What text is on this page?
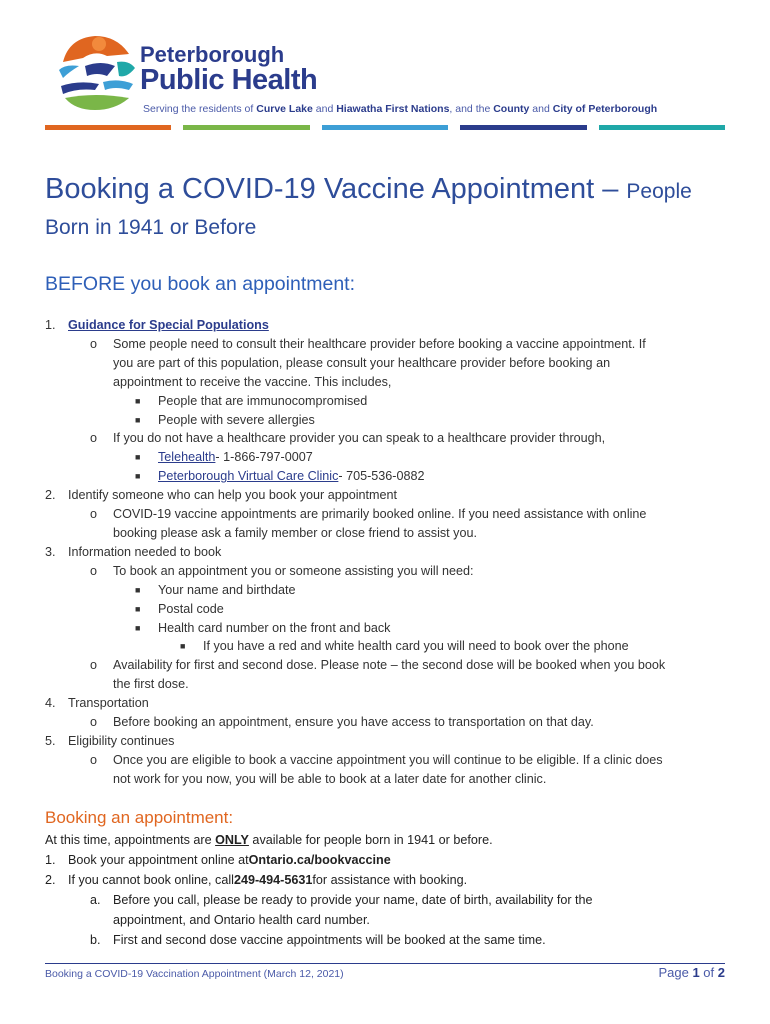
Peterborough
Public Health
Serving the residents of Curve Lake and Hiawatha First Nations, and the County and City of Peterborough
Booking a COVID-19 Vaccine Appointment – People
Born in 1941 or Before
BEFORE you book an appointment:
1. Guidance for Special Populations
o	Some people need to consult their healthcare provider before booking a vaccine appointment. If
you are part of this population, please consult your healthcare provider before booking an
appointment to receive the vaccine. This includes,
■	People that are immunocompromised
■	People with severe allergies
o	If you do not have a healthcare provider you can speak to a healthcare provider through,
■	Telehealth - 1-866-797-0007
■	Peterborough Virtual Care Clinic - 705-536-0882
2. Identify someone who can help you book your appointment
o	COVID-19 vaccine appointments are primarily booked online. If you need assistance with online
booking please ask a family member or close friend to assist you.
3. Information needed to book
o	To book an appointment you or someone assisting you will need:
■	Your name and birthdate
■	Postal code
■	Health card number on the front and back
■	If you have a red and white health card you will need to book over the phone
o	Availability for first and second dose. Please note – the second dose will be booked when you book
the first dose.
4. Transportation
o	Before booking an appointment, ensure you have access to transportation on that day.
5. Eligibility continues
o	Once you are eligible to book a vaccine appointment you will continue to be eligible. If a clinic does
not work for you now, you will be able to book at a later date for another clinic.
Booking an appointment:
At this time, appointments are ONLY available for people born in 1941 or before.
1. Book your appointment online at Ontario.ca/bookvaccine
2. If you cannot book online, call 249-494-5631 for assistance with booking.
a. Before you call, please be ready to provide your name, date of birth, availability for the
appointment, and Ontario health card number.
b. First and second dose vaccine appointments will be booked at the same time.
Booking a COVID-19 Vaccination Appointment (March 12, 2021)	Page 1 of 2
